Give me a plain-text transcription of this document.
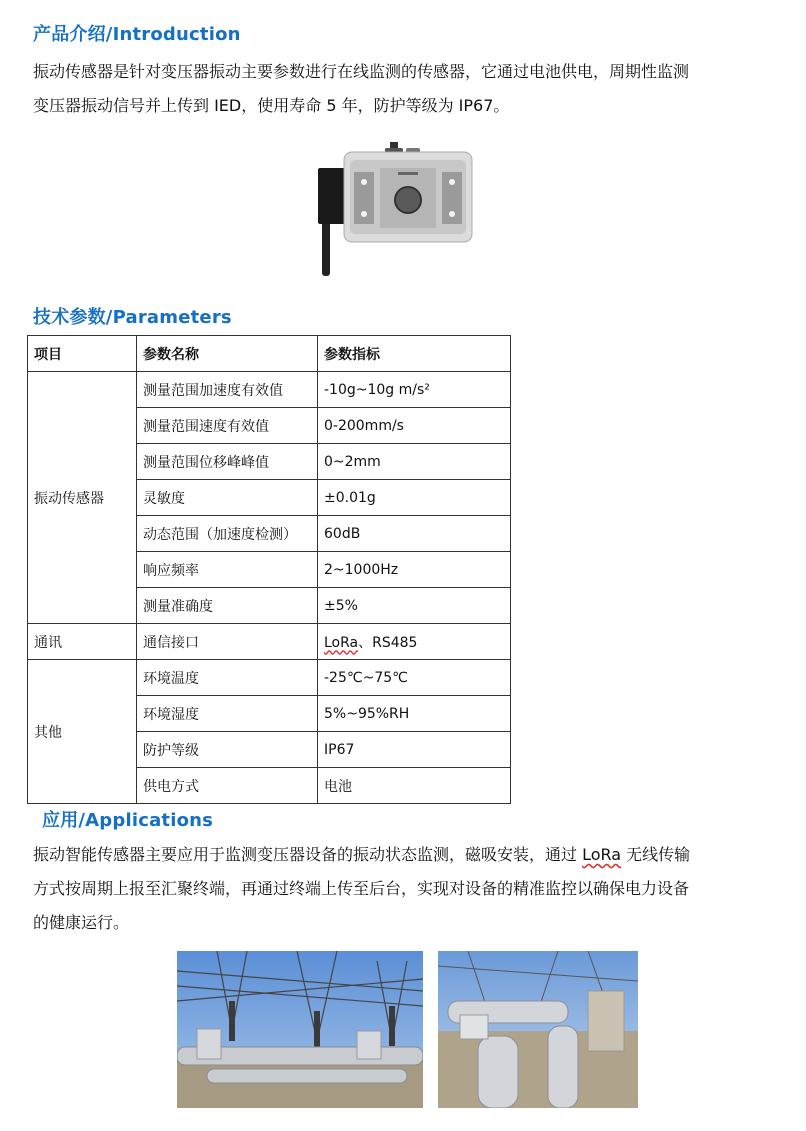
产品介绍/Introduction

振动传感器是针对变压器振动主要参数进行在线监测的传感器，它通过电池供电，周期性监测

变压器振动信号并上传到 IED，使用寿命 5 年，防护等级为 IP67。

技术参数/Parameters
项目	参数名称	参数指标
振动传感器	测量范围加速度有效值	-10g~10g m/s²
	测量范围速度有效值	0-200mm/s
	测量范围位移峰峰值	0~2mm
	灵敏度	±0.01g
	动态范围（加速度检测）	60dB
	响应频率	2~1000Hz
	测量准确度	±5%
通讯	通信接口	LoRa、RS485
其他	环境温度	-25℃~75℃
	环境湿度	5%~95%RH
	防护等级	IP67
	供电方式	电池
应用/Applications

振动智能传感器主要应用于监测变压器设备的振动状态监测，磁吸安装，通过 LoRa 无线传输

方式按周期上报至汇聚终端，再通过终端上传至后台，实现对设备的精准监控以确保电力设备

的健康运行。
